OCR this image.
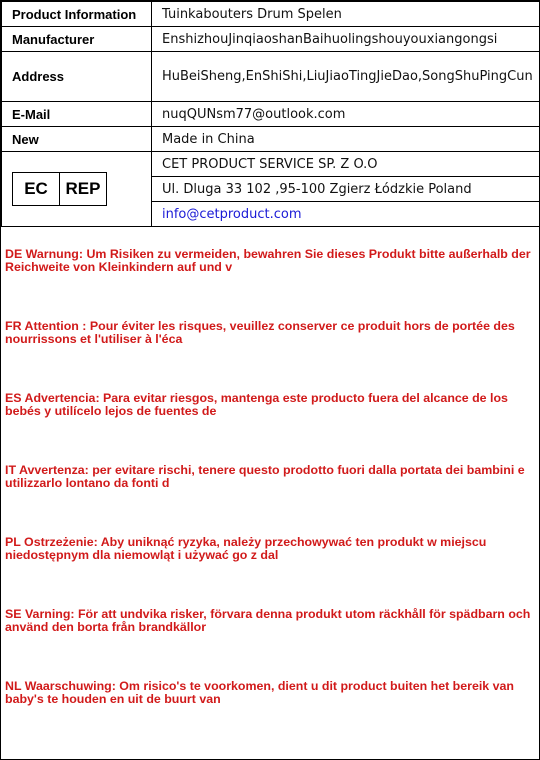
Product Information	Tuinkabouters Drum Spelen
Manufacturer	EnshizhouJinqiaoshanBaihuolingshouyouxiangongsi
Address	HuBeiSheng,EnShiShi,LiuJiaoTingJieDao,SongShuPingCun
E-Mail	nuqQUNsm77@outlook.com
New	Made in China

EC REP	CET PRODUCT SERVICE SP. Z O.O
	Ul. Dluga 33 102 ,95-100 Zgierz Łódzkie Poland
	info@cetproduct.com

DE Warnung: Um Risiken zu vermeiden, bewahren Sie dieses Produkt bitte außerhalb der Reichweite von Kleinkindern auf und v

FR Attention : Pour éviter les risques, veuillez conserver ce produit hors de portée des nourrissons et l'utiliser à l'éca

ES Advertencia: Para evitar riesgos, mantenga este producto fuera del alcance de los bebés y utilícelo lejos de fuentes de

IT Avvertenza: per evitare rischi, tenere questo prodotto fuori dalla portata dei bambini e utilizzarlo lontano da fonti d

PL Ostrzeżenie: Aby uniknąć ryzyka, należy przechowywać ten produkt w miejscu niedostępnym dla niemowląt i używać go z dal

SE Varning: För att undvika risker, förvara denna produkt utom räckhåll för spädbarn och använd den borta från brandkällor

NL Waarschuwing: Om risico's te voorkomen, dient u dit product buiten het bereik van baby's te houden en uit de buurt van
